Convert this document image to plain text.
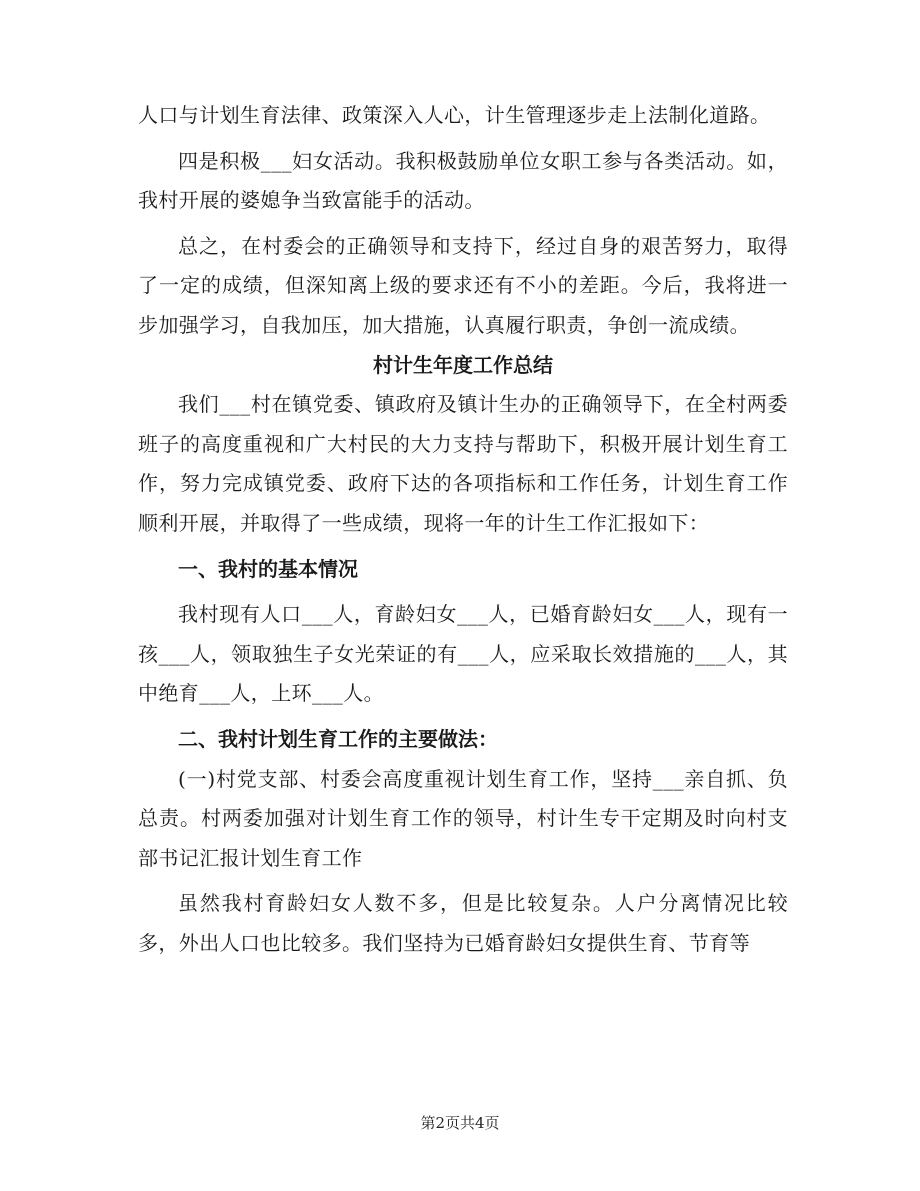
人口与计划生育法律、政策深入人心，计生管理逐步走上法制化道路。

四是积极___妇女活动。我积极鼓励单位女职工参与各类活动。如，我村开展的婆媳争当致富能手的活动。

总之，在村委会的正确领导和支持下，经过自身的艰苦努力，取得了一定的成绩，但深知离上级的要求还有不小的差距。今后，我将进一步加强学习，自我加压，加大措施，认真履行职责，争创一流成绩。

村计生年度工作总结

我们___村在镇党委、镇政府及镇计生办的正确领导下，在全村两委班子的高度重视和广大村民的大力支持与帮助下，积极开展计划生育工作，努力完成镇党委、政府下达的各项指标和工作任务，计划生育工作顺利开展，并取得了一些成绩，现将一年的计生工作汇报如下：

一、我村的基本情况

我村现有人口___人，育龄妇女___人，已婚育龄妇女___人，现有一孩___人，领取独生子女光荣证的有___人，应采取长效措施的___人，其中绝育___人，上环___人。

二、我村计划生育工作的主要做法：

(一)村党支部、村委会高度重视计划生育工作，坚持___亲自抓、负总责。村两委加强对计划生育工作的领导，村计生专干定期及时向村支部书记汇报计划生育工作

虽然我村育龄妇女人数不多，但是比较复杂。人户分离情况比较多，外出人口也比较多。我们坚持为已婚育龄妇女提供生育、节育等

第2页共4页
